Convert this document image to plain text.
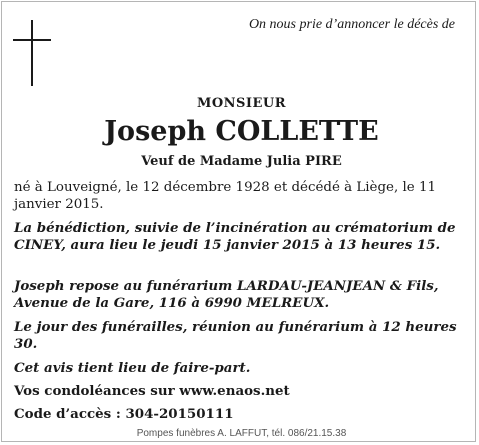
On nous prie d’annoncer le décès de
MONSIEUR
Joseph COLLETTE
Veuf de Madame Julia PIRE
né à Louveigné, le 12 décembre 1928 et décédé à Liège, le 11 janvier 2015.
La bénédiction, suivie de l’incinération au crématorium de CINEY, aura lieu le jeudi 15 janvier 2015 à 13 heures 15.
Joseph repose au funérarium LARDAU-JEANJEAN & Fils, Avenue de la Gare, 116 à 6990 MELREUX.
Le jour des funérailles, réunion au funérarium à 12 heures 30.
Cet avis tient lieu de faire-part.
Vos condoléances sur www.enaos.net
Code d’accès : 304-20150111
Pompes funèbres A. LAFFUT, tél. 086/21.15.38
